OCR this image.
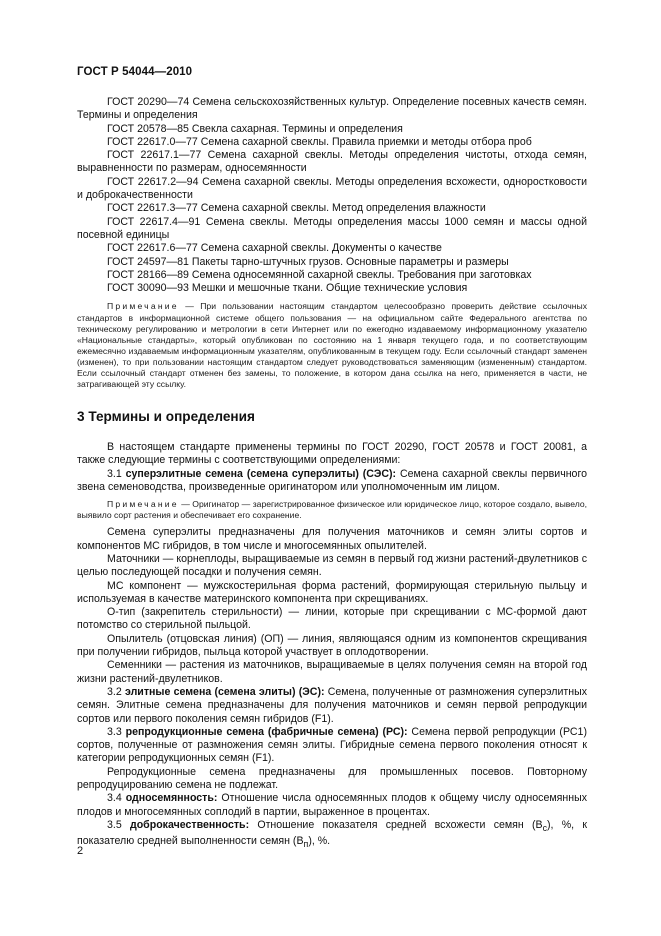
ГОСТ Р 54044—2010

ГОСТ 20290—74 Семена сельскохозяйственных культур. Определение посевных качеств семян. Термины и определения

ГОСТ 20578—85 Свекла сахарная. Термины и определения

ГОСТ 22617.0—77 Семена сахарной свеклы. Правила приемки и методы отбора проб

ГОСТ 22617.1—77 Семена сахарной свеклы. Методы определения чистоты, отхода семян, выравненности по размерам, односемянности

ГОСТ 22617.2—94 Семена сахарной свеклы. Методы определения всхожести, одноростковости и доброкачественности

ГОСТ 22617.3—77 Семена сахарной свеклы. Метод определения влажности

ГОСТ 22617.4—91 Семена свеклы. Методы определения массы 1000 семян и массы одной посевной единицы

ГОСТ 22617.6—77 Семена сахарной свеклы. Документы о качестве

ГОСТ 24597—81 Пакеты тарно-штучных грузов. Основные параметры и размеры

ГОСТ 28166—89 Семена односемянной сахарной свеклы. Требования при заготовках

ГОСТ 30090—93 Мешки и мешочные ткани. Общие технические условия

Примечание — При пользовании настоящим стандартом целесообразно проверить действие ссылочных стандартов в информационной системе общего пользования — на официальном сайте Федерального агентства по техническому регулированию и метрологии в сети Интернет или по ежегодно издаваемому информационному указателю «Национальные стандарты», который опубликован по состоянию на 1 января текущего года, и по соответствующим ежемесячно издаваемым информационным указателям, опубликованным в текущем году. Если ссылочный стандарт заменен (изменен), то при пользовании настоящим стандартом следует руководствоваться заменяющим (измененным) стандартом. Если ссылочный стандарт отменен без замены, то положение, в котором дана ссылка на него, применяется в части, не затрагивающей эту ссылку.

3 Термины и определения

В настоящем стандарте применены термины по ГОСТ 20290, ГОСТ 20578 и ГОСТ 20081, а также следующие термины с соответствующими определениями:

3.1 суперэлитные семена (семена суперэлиты) (СЭС): Семена сахарной свеклы первичного звена семеноводства, произведенные оригинатором или уполномоченным им лицом.

Примечание — Оригинатор — зарегистрированное физическое или юридическое лицо, которое создало, вывело, выявило сорт растения и обеспечивает его сохранение.

Семена суперэлиты предназначены для получения маточников и семян элиты сортов и компонентов МС гибридов, в том числе и многосемянных опылителей.

Маточники — корнеплоды, выращиваемые из семян в первый год жизни растений-двулетников с целью последующей посадки и получения семян.

МС компонент — мужскостерильная форма растений, формирующая стерильную пыльцу и используемая в качестве материнского компонента при скрещиваниях.

О-тип (закрепитель стерильности) — линии, которые при скрещивании с МС-формой дают потомство со стерильной пыльцой.

Опылитель (отцовская линия) (ОП) — линия, являющаяся одним из компонентов скрещивания при получении гибридов, пыльца которой участвует в оплодотворении.

Семенники — растения из маточников, выращиваемые в целях получения семян на второй год жизни растений-двулетников.

3.2 элитные семена (семена элиты) (ЭС): Семена, полученные от размножения суперэлитных семян. Элитные семена предназначены для получения маточников и семян первой репродукции сортов или первого поколения семян гибридов (F1).

3.3 репродукционные семена (фабричные семена) (РС): Семена первой репродукции (РС1) сортов, полученные от размножения семян элиты. Гибридные семена первого поколения относят к категории репродукционных семян (F1).

Репродукционные семена предназначены для промышленных посевов. Повторному репродуцированию семена не подлежат.

3.4 односемянность: Отношение числа односемянных плодов к общему числу односемянных плодов и многосемянных соплодий в партии, выраженное в процентах.

3.5 доброкачественность: Отношение показателя средней всхожести семян $(В_с)$, %, к показателю средней выполненности семян $(В_п)$, %.

2
